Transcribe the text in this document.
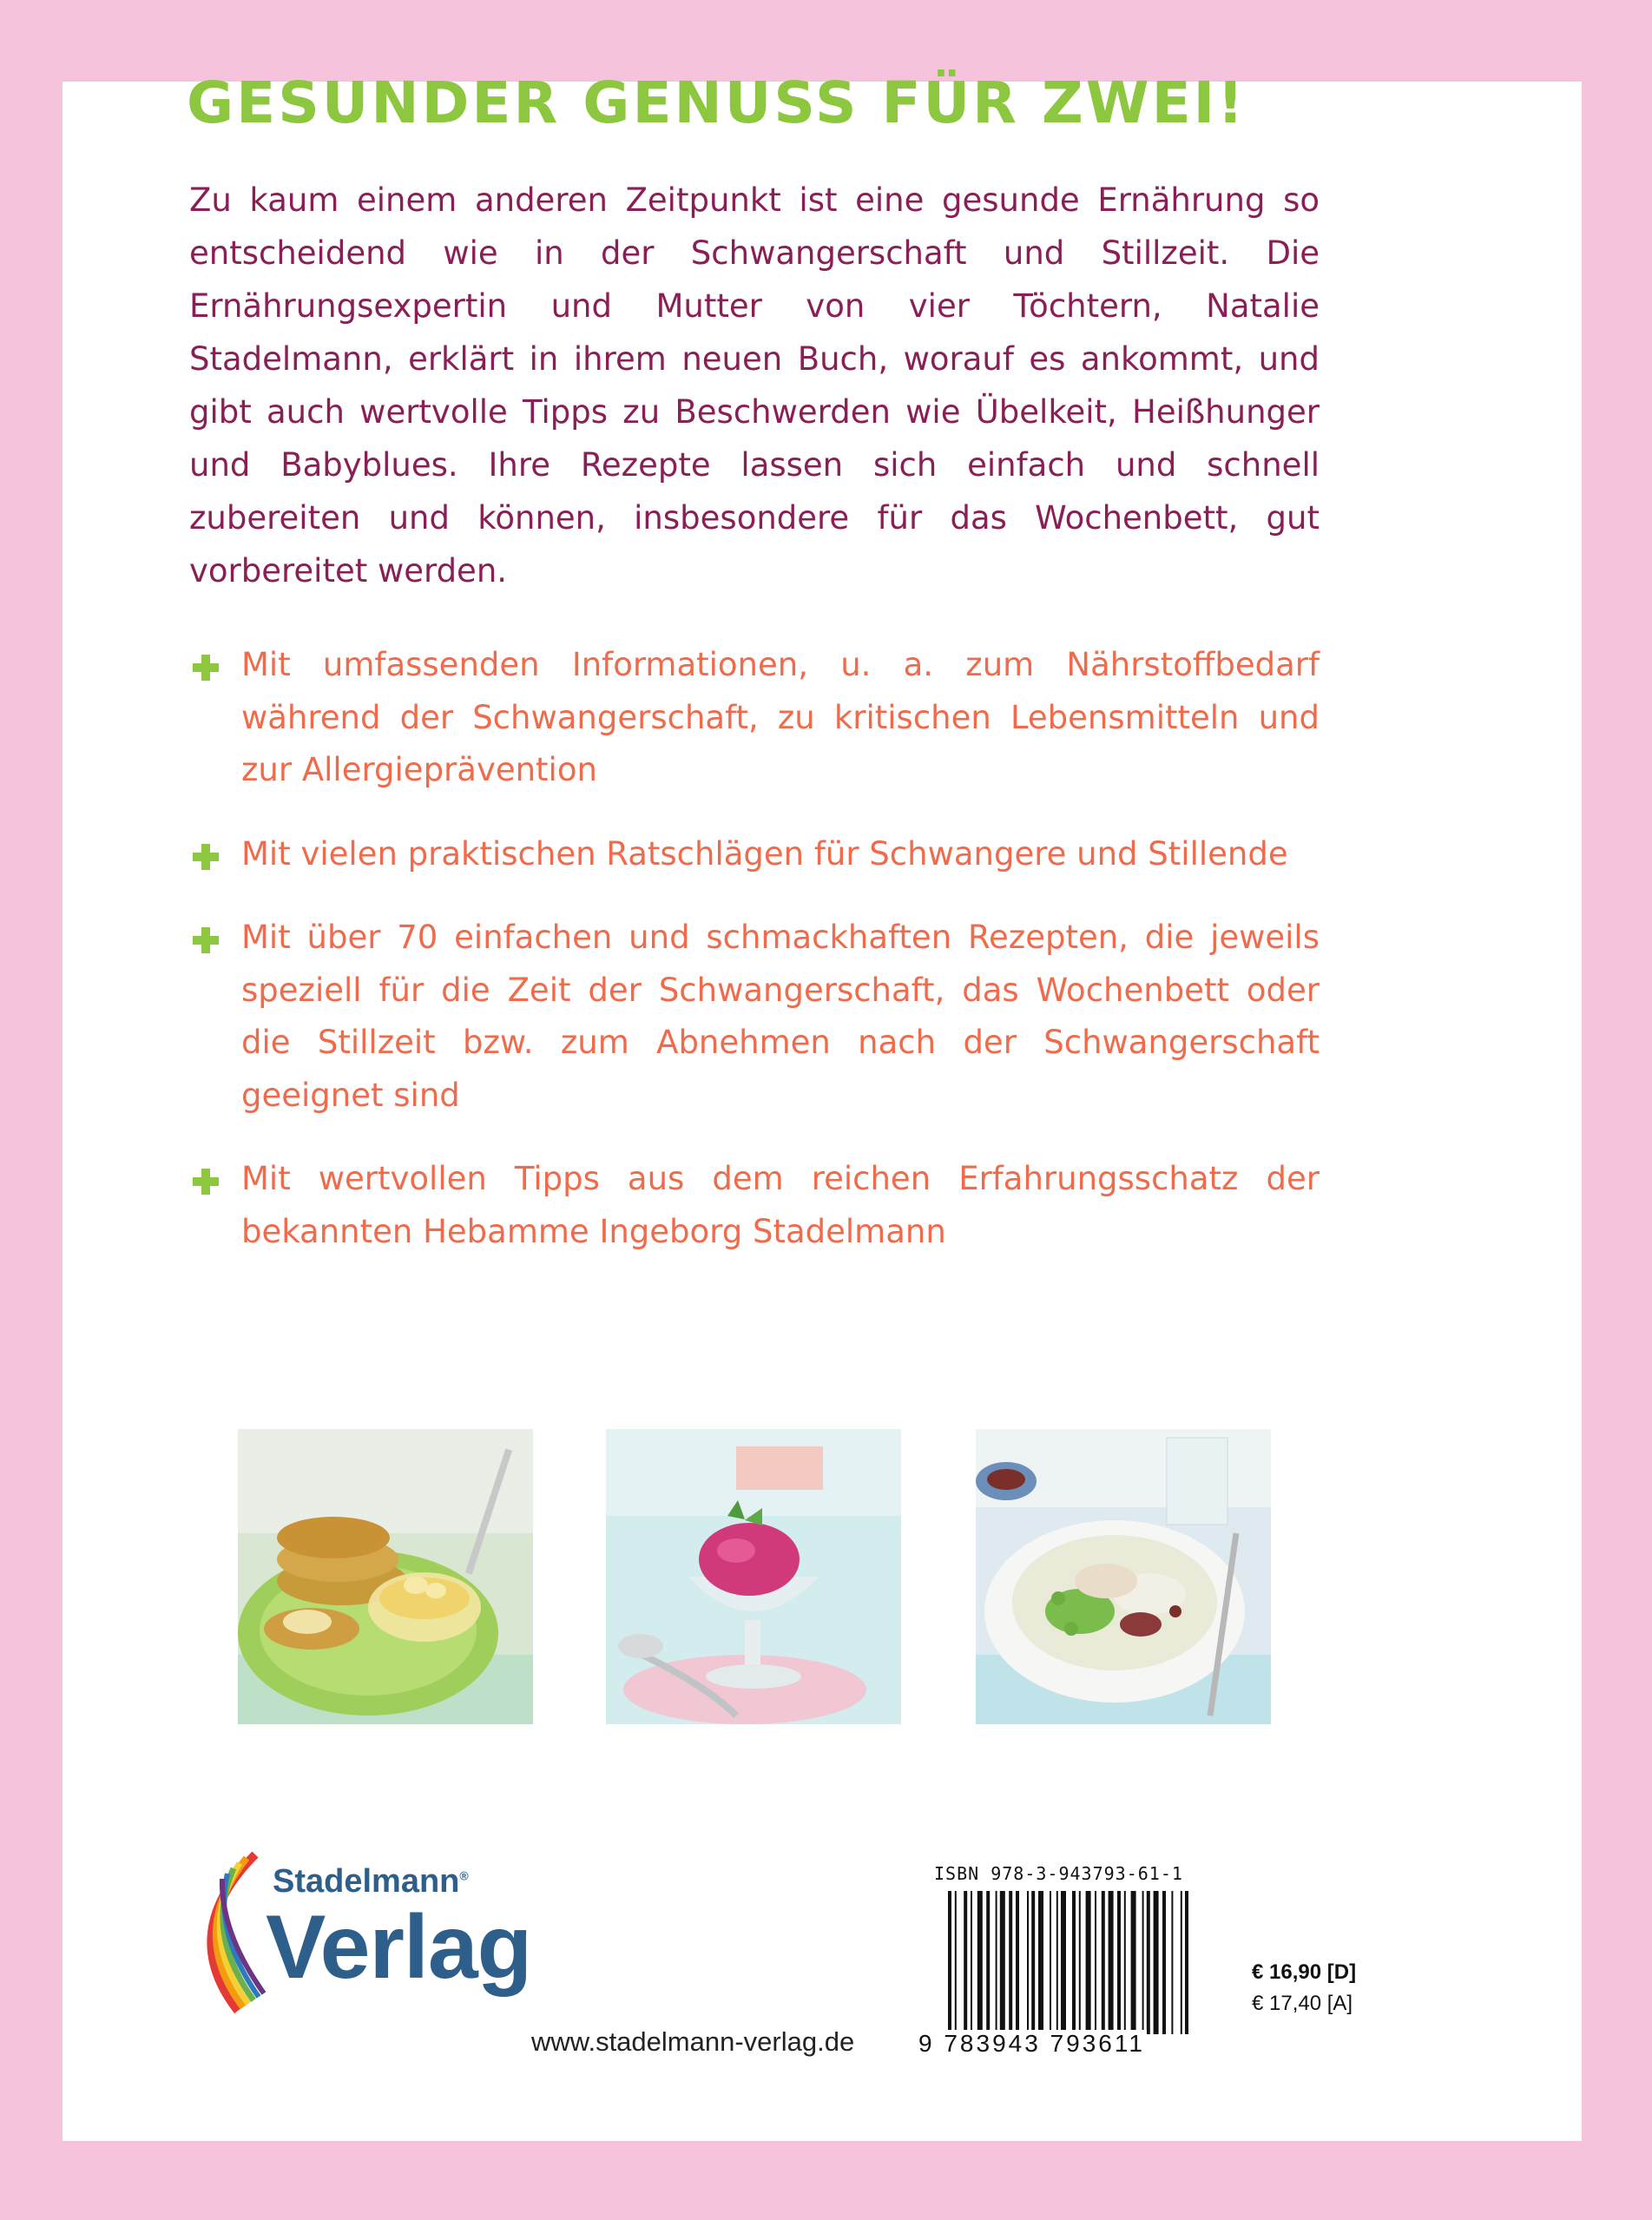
GESUNDER GENUSS FÜR ZWEI!
Zu kaum einem anderen Zeitpunkt ist eine gesunde Ernährung so entscheidend wie in der Schwangerschaft und Stillzeit. Die Ernährungsexpertin und Mutter von vier Töchtern, Natalie Stadelmann, erklärt in ihrem neuen Buch, worauf es ankommt, und gibt auch wertvolle Tipps zu Beschwerden wie Übelkeit, Heißhunger und Babyblues. Ihre Rezepte lassen sich einfach und schnell zubereiten und können, insbesondere für das Wochenbett, gut vorbereitet werden.
Mit umfassenden Informationen, u. a. zum Nährstoffbedarf während der Schwangerschaft, zu kritischen Lebensmitteln und zur Allergieprävention
Mit vielen praktischen Ratschlägen für Schwangere und Stillende
Mit über 70 einfachen und schmackhaften Rezepten, die jeweils speziell für die Zeit der Schwangerschaft, das Wochenbett oder die Stillzeit bzw. zum Abnehmen nach der Schwangerschaft geeignet sind
Mit wertvollen Tipps aus dem reichen Erfahrungsschatz der bekannten Hebamme Ingeborg Stadelmann
Stadelmann®
Verlag
www.stadelmann-verlag.de
ISBN 978-3-943793-61-1
9 783943 793611
€ 16,90 [D]
€ 17,40 [A]
